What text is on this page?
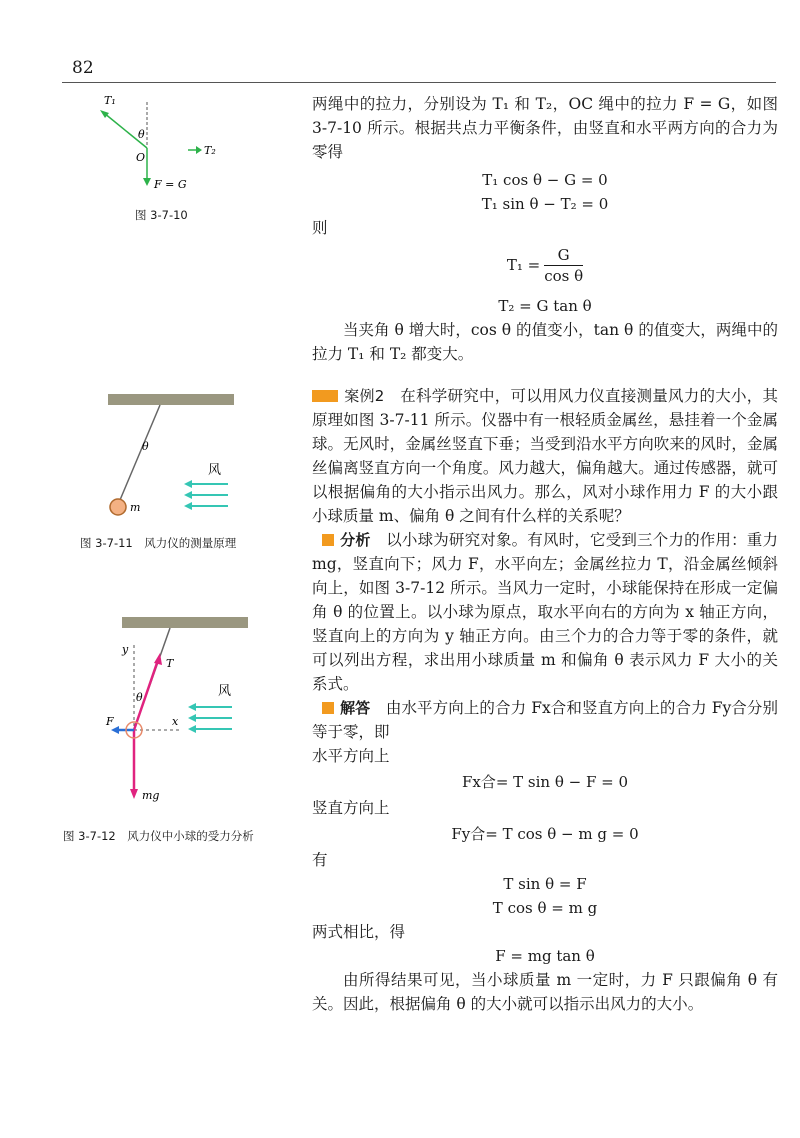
82
T₁
θ
O
T₂
F = G
图 3-7-10
θ
m
风
图 3-7-11　风力仪的测量原理
y
T
θ
F	x
mg
风
图 3-7-12　风力仪中小球的受力分析

两绳中的拉力，分别设为 T₁ 和 T₂，OC 绳中的拉力 F = G，如图 3-7-10 所示。根据共点力平衡条件，由竖直和水平两方向的合力为零得

T₁ cos θ − G = 0

T₁ sin θ − T₂ = 0

则

$T_1 = \frac{G}{\text{cos θ}}$

T₂ = G tan θ

当夹角 θ 增大时，cos θ 的值变小，tan θ 的值变大，两绳中的拉力 T₁ 和 T₂ 都变大。

案例2　 在科学研究中，可以用风力仪直接测量风力的大小，其原理如图 3-7-11 所示。仪器中有一根轻质金属丝，悬挂着一个金属球。无风时，金属丝竖直下垂；当受到沿水平方向吹来的风时，金属丝偏离竖直方向一个角度。风力越大，偏角越大。通过传感器，就可以根据偏角的大小指示出风力。那么，风对小球作用力 F 的大小跟小球质量 m、偏角 θ 之间有什么样的关系呢？

分析　 以小球为研究对象。有风时，它受到三个力的作用：重力 mg，竖直向下；风力 F，水平向左；金属丝拉力 T，沿金属丝倾斜向上，如图 3-7-12 所示。当风力一定时，小球能保持在形成一定偏角 θ 的位置上。以小球为原点，取水平向右的方向为 x 轴正方向，竖直向上的方向为 y 轴正方向。由三个力的合力等于零的条件，就可以列出方程，求出用小球质量 m 和偏角 θ 表示风力 F 大小的关系式。

解答　 由水平方向上的合力 Fx合和竖直方向上的合力 Fy合分别等于零，即

水平方向上

Fx合= T sin θ − F = 0

竖直方向上

Fy合= T cos θ − m g = 0

有

T sin θ = F

T cos θ = m g

两式相比，得

F = mg tan θ

由所得结果可见，当小球质量 m 一定时，力 F 只跟偏角 θ 有关。因此，根据偏角 θ 的大小就可以指示出风力的大小。
